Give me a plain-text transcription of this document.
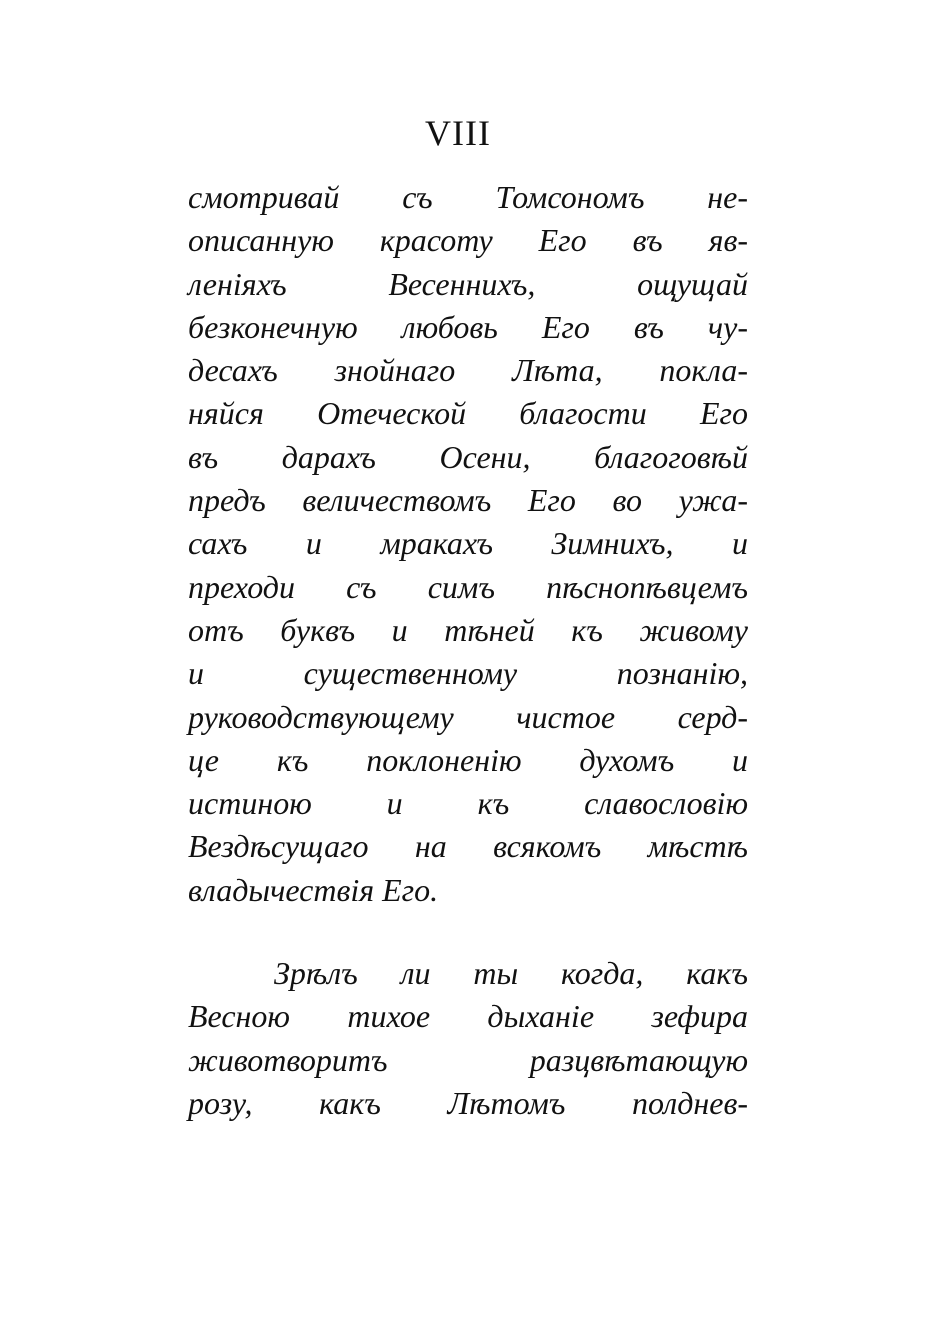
VIII
смотривай съ Томсономъ не-
описанную красоту Его въ яв-
ленiяхъ Весеннихъ, ощущай
безконечную любовь Его въ чу-
десахъ знойнаго Лѣта, покла-
няйся Отеческой благости Его
въ дарахъ Осени, благоговѣй
предъ величествомъ Его во ужа-
сахъ и мракахъ Зимнихъ, и
преходи съ симъ пѣснопѣвцемъ
отъ буквъ и тѣней къ живому
и существенному познанiю,
руководствующему чистое серд-
це къ поклоненiю духомъ и
истиною и къ славословiю
Вездѣсущаго на всякомъ мѣстѣ
владычествiя Его.
Зрѣлъ ли ты когда, какъ
Весною тихое дыханiе зефира
животворитъ разцвѣтающую
розу, какъ Лѣтомъ полднев-
